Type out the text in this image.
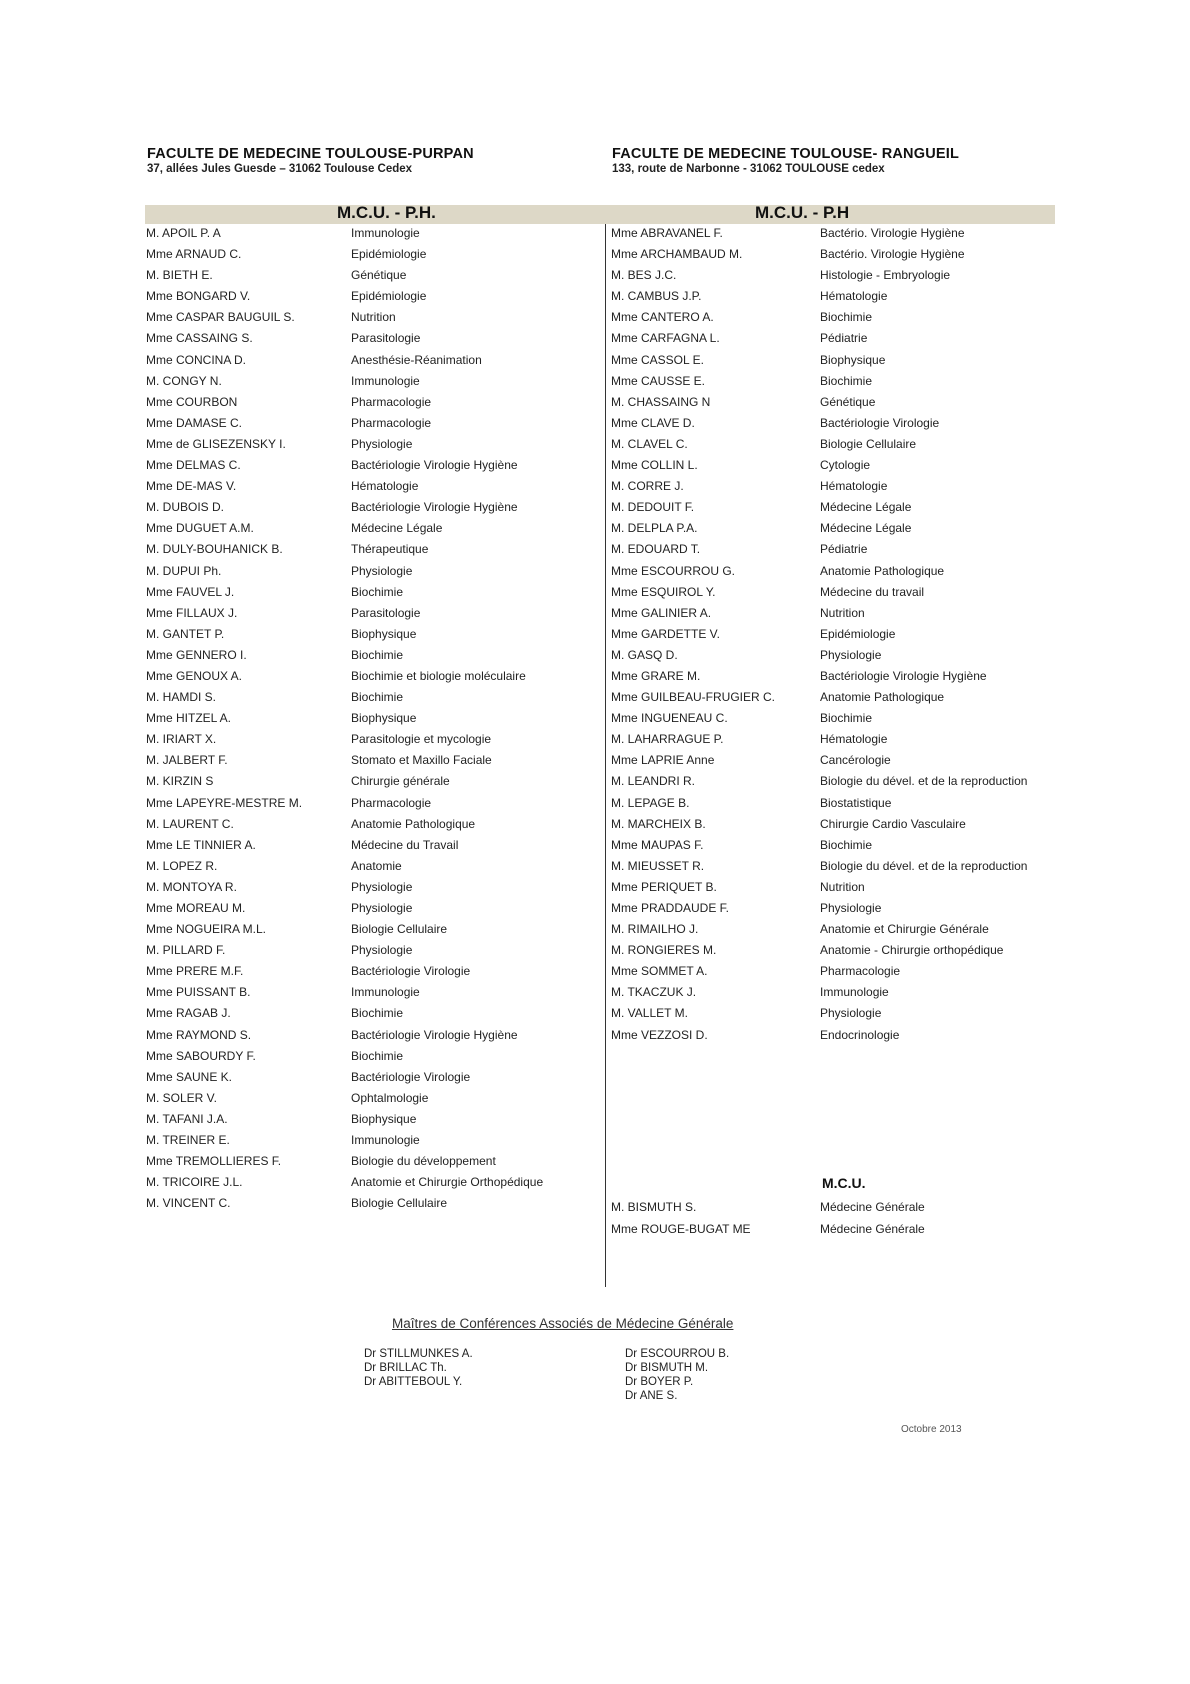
FACULTE DE MEDECINE TOULOUSE-PURPAN
37, allées Jules Guesde – 31062 Toulouse Cedex
FACULTE DE MEDECINE TOULOUSE- RANGUEIL
133, route de Narbonne - 31062 TOULOUSE cedex
M.C.U. - P.H.	M.C.U. - P.H
M. APOIL P. A	Immunologie
Mme ARNAUD C.	Epidémiologie
M. BIETH E.	Génétique
Mme BONGARD V.	Epidémiologie
Mme CASPAR BAUGUIL S.	Nutrition
Mme CASSAING S.	Parasitologie
Mme CONCINA D.	Anesthésie-Réanimation
M. CONGY N.	Immunologie
Mme COURBON	Pharmacologie
Mme DAMASE C.	Pharmacologie
Mme de GLISEZENSKY I.	Physiologie
Mme DELMAS C.	Bactériologie Virologie Hygiène
Mme DE-MAS V.	Hématologie
M. DUBOIS D.	Bactériologie Virologie Hygiène
Mme DUGUET A.M.	Médecine Légale
M. DULY-BOUHANICK B.	Thérapeutique
M. DUPUI Ph.	Physiologie
Mme FAUVEL J.	Biochimie
Mme FILLAUX J.	Parasitologie
M. GANTET P.	Biophysique
Mme GENNERO I.	Biochimie
Mme GENOUX A.	Biochimie et biologie moléculaire
M. HAMDI S.	Biochimie
Mme HITZEL A.	Biophysique
M. IRIART X.	Parasitologie et mycologie
M. JALBERT F.	Stomato et Maxillo Faciale
M. KIRZIN S	Chirurgie générale
Mme LAPEYRE-MESTRE M.	Pharmacologie
M. LAURENT C.	Anatomie Pathologique
Mme LE TINNIER A.	Médecine du Travail
M. LOPEZ R.	Anatomie
M. MONTOYA R.	Physiologie
Mme MOREAU M.	Physiologie
Mme NOGUEIRA M.L.	Biologie Cellulaire
M. PILLARD F.	Physiologie
Mme PRERE M.F.	Bactériologie Virologie
Mme PUISSANT B.	Immunologie
Mme RAGAB J.	Biochimie
Mme RAYMOND S.	Bactériologie Virologie Hygiène
Mme SABOURDY F.	Biochimie
Mme SAUNE K.	Bactériologie Virologie
M. SOLER V.	Ophtalmologie
M. TAFANI J.A.	Biophysique
M. TREINER E.	Immunologie
Mme TREMOLLIERES F.	Biologie du développement
M. TRICOIRE J.L.	Anatomie et Chirurgie Orthopédique
M. VINCENT C.	Biologie Cellulaire
Mme ABRAVANEL F.	Bactério. Virologie Hygiène
Mme ARCHAMBAUD M.	Bactério. Virologie Hygiène
M. BES J.C.	Histologie - Embryologie
M. CAMBUS J.P.	Hématologie
Mme CANTERO A.	Biochimie
Mme CARFAGNA L.	Pédiatrie
Mme CASSOL E.	Biophysique
Mme CAUSSE E.	Biochimie
M. CHASSAING N	Génétique
Mme CLAVE D.	Bactériologie Virologie
M. CLAVEL C.	Biologie Cellulaire
Mme COLLIN L.	Cytologie
M. CORRE J.	Hématologie
M. DEDOUIT F.	Médecine Légale
M. DELPLA P.A.	Médecine Légale
M. EDOUARD T.	Pédiatrie
Mme ESCOURROU G.	Anatomie Pathologique
Mme ESQUIROL Y.	Médecine du travail
Mme GALINIER A.	Nutrition
Mme GARDETTE V.	Epidémiologie
M. GASQ D.	Physiologie
Mme GRARE M.	Bactériologie Virologie Hygiène
Mme GUILBEAU-FRUGIER C.	Anatomie Pathologique
Mme INGUENEAU C.	Biochimie
M. LAHARRAGUE P.	Hématologie
Mme LAPRIE Anne	Cancérologie
M. LEANDRI R.	Biologie du dével. et de la reproduction
M. LEPAGE B.	Biostatistique
M. MARCHEIX B.	Chirurgie Cardio Vasculaire
Mme MAUPAS F.	Biochimie
M. MIEUSSET R.	Biologie du dével. et de la reproduction
Mme PERIQUET B.	Nutrition
Mme PRADDAUDE F.	Physiologie
M. RIMAILHO J.	Anatomie et Chirurgie Générale
M. RONGIERES M.	Anatomie - Chirurgie orthopédique
Mme SOMMET A.	Pharmacologie
M. TKACZUK J.	Immunologie
M. VALLET M.	Physiologie
Mme VEZZOSI D.	Endocrinologie
M.C.U.
M. BISMUTH S.	Médecine Générale
Mme ROUGE-BUGAT ME	Médecine Générale
Maîtres de Conférences Associés de Médecine Générale
Dr STILLMUNKES A.
Dr BRILLAC Th.
Dr ABITTEBOUL Y.
Dr ESCOURROU B.
Dr BISMUTH M.
Dr BOYER P.
Dr ANE S.
Octobre 2013
